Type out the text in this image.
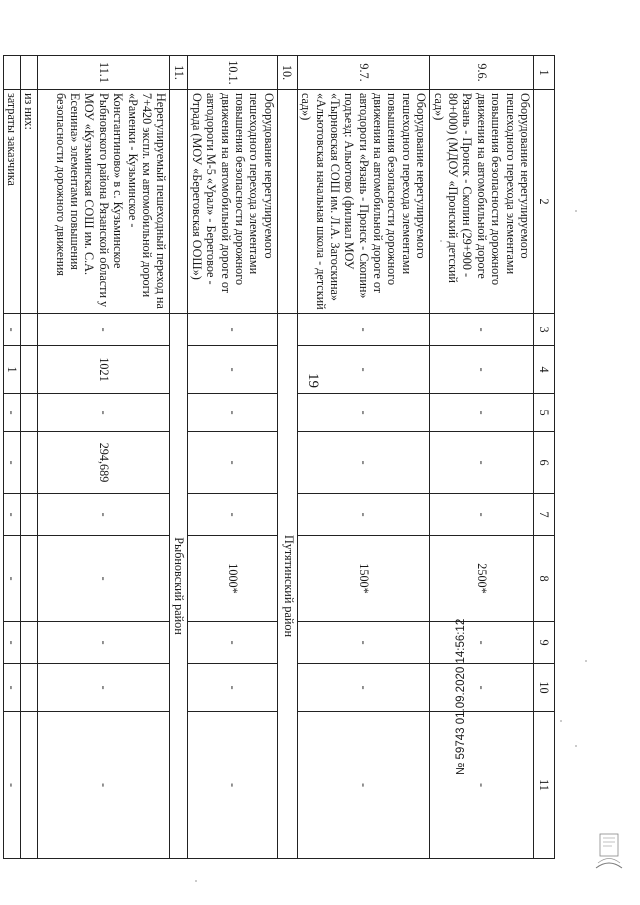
19
1	2	3	4	5	6	7	8	9	10	11
9.6.	Оборудование нерегулируемого пешеходного перехода элементами повышения безопасности дорожного движения на автомобильной дороге Рязань - Пронск - Скопин (29+900 - 80+000) (МДОУ «Пронский детский сад»)	-	-	-	-	-	2500*	-	-	-
9.7.	Оборудование нерегулируемого пешеходного перехода элементами повышения безопасности дорожного движения на автомобильной дороге от автодороги «Рязань - Пронск - Скопин» подъезд: Альютово (филиал МОУ «Тырновская СОШ им. Л.А. Загоскина» «Альютовская начальная школа - детский сад»)	-	-	-	-	-	1500*	-	-	-
10.		Путятинский район								
10.1.	Оборудование нерегулируемого пешеходного перехода элементами повышения безопасности дорожного движения на автомобильной дороге от автодороги М-5 «Урал» - Береговое - Отрада (МОУ «Береговская ООШ»)	-	-	-	-	-	1000*	-	-	-
11.		Рыбновский район								
11.1	Нерегулируемый пешеходный переход на 7+420 экспл. км автомобильной дороги «Раменки - Кузьминское - Константиново» в с. Кузьминское Рыбновского района Рязанской области у МОУ «Кузьминская СОШ им. С.А. Есенина» элементами повышения безопасности дорожного движения	-	1021	-	294,689	-	-	-	-	-
	из них:									
	затраты заказчика	-	1	-	-	-	-	-	-	-
№ 59743 01.09.2020 14:56:12
